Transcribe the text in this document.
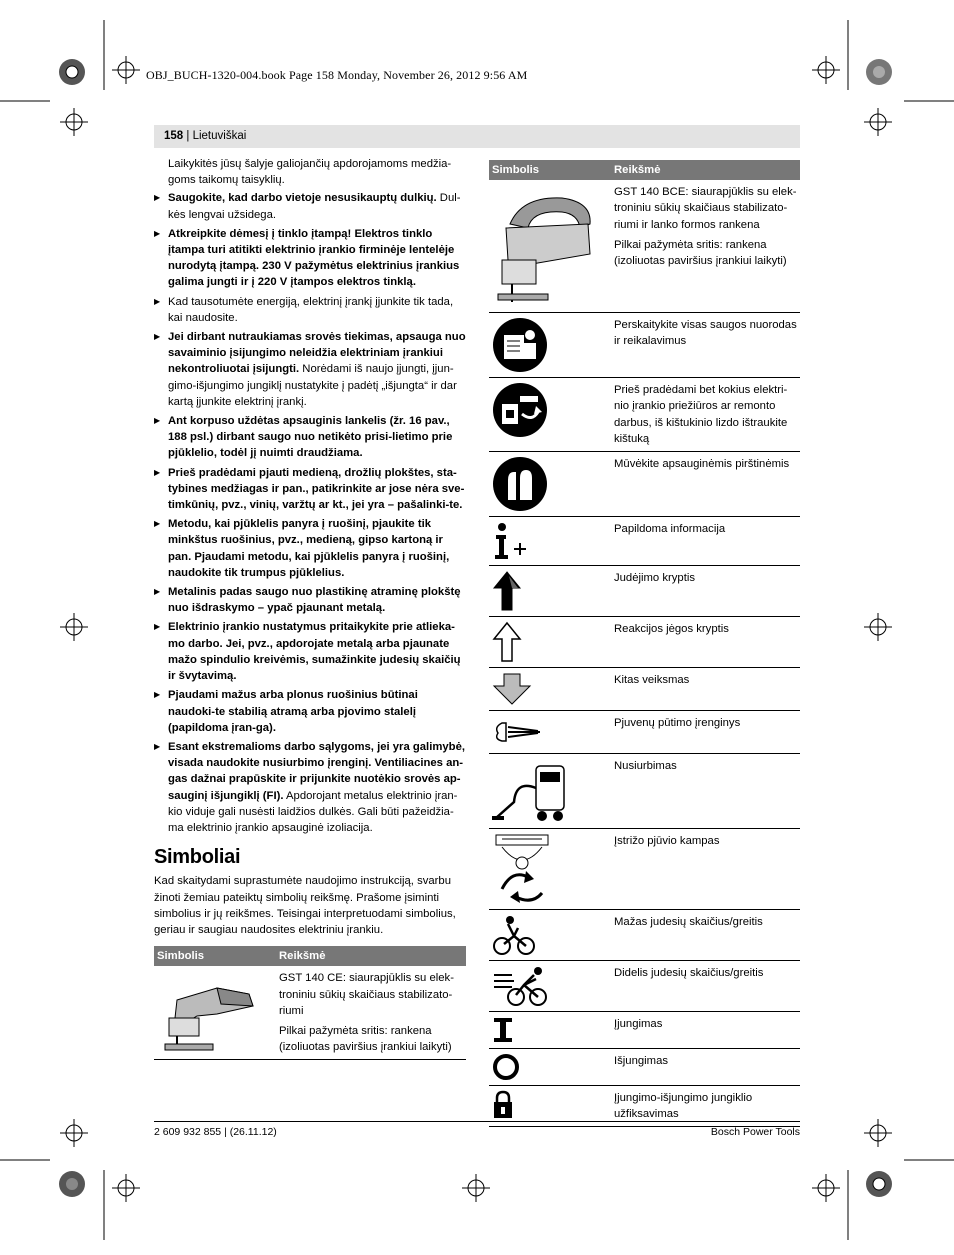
OBJ_BUCH-1320-004.book Page 158 Monday, November 26, 2012 9:56 AM
158 | Lietuviškai

Laikykitės jūsų šalyje galiojančių apdorojamoms medžia-goms taikomų taisyklių.

▶ Saugokite, kad darbo vietoje nesusikauptų dulkių. Dul-kės lengvai užsidega.

▶ Atkreipkite dėmesį į tinklo įtampą! Elektros tinklo įtampa turi atitikti elektrinio įrankio firminėje lentelėje nurodytą įtampą. 230 V pažymėtus elektrinius įrankius galima jungti ir į 220 V įtampos elektros tinklą.

▶ Kad tausotumėte energiją, elektrinį įrankį įjunkite tik tada, kai naudosite.

▶ Jei dirbant nutraukiamas srovės tiekimas, apsauga nuo savaiminio įsijungimo neleidžia elektriniam įrankiui nekontroliuotai įsijungti. Norėdami iš naujo įjungti, įjun-gimo-išjungimo jungiklį nustatykite į padėtį „išjungta“ ir dar kartą įjunkite elektrinį įrankį.

▶ Ant korpuso uždėtas apsauginis lankelis (žr. 16 pav., 188 psl.) dirbant saugo nuo netikėto prisi-lietimo prie pjūklelio, todėl jį nuimti draudžiama.

▶ Prieš pradėdami pjauti medieną, drožlių plokštes, sta-tybines medžiagas ir pan., patikrinkite ar jose nėra sve-timkūnių, pvz., vinių, varžtų ar kt., jei yra – pašalinki-te.

▶ Metodu, kai pjūklelis panyra į ruošinį, pjaukite tik minkštus ruošinius, pvz., medieną, gipso kartoną ir pan. Pjaudami metodu, kai pjūklelis panyra į ruošinį, naudokite tik trumpus pjūklelius.

▶ Metalinis padas saugo nuo plastikinę atraminę plokštę nuo išdraskymo – ypač pjaunant metalą.

▶ Elektrinio įrankio nustatymus pritaikykite prie atlieka-mo darbo. Jei, pvz., apdorojate metalą arba pjaunate mažo spindulio kreivėmis, sumažinkite judesių skaičių ir švytavimą.

▶ Pjaudami mažus arba plonus ruošinius būtinai naudoki-te stabilią atramą arba pjovimo stalelį (papildoma įran-ga).

▶ Esant ekstremalioms darbo sąlygoms, jei yra galimybė, visada naudokite nusiurbimo įrenginį. Ventiliacines an-gas dažnai prapūskite ir prijunkite nuotėkio srovės ap-sauginį išjungiklį (FI). Apdorojant metalus elektrinio įran-kio viduje gali nusėsti laidžios dulkės. Gali būti pažeidžia-ma elektrinio įrankio apsauginė izoliacija.

Simboliai

Kad skaitydami suprastumėte naudojimo instrukciją, svarbu žinoti žemiau pateiktų simbolių reikšmę. Prašome įsiminti simbolius ir jų reikšmes. Teisingai interpretuodami simbolius, geriau ir saugiau naudosites elektriniu įrankiu.

Simbolis	Reikšmė

	GST 140 CE: siaurapjūklis su elek-troniniu sūkių skaičiaus stabilizato-riumi
Pilkai pažymėta sritis: rankena (izoliuotas paviršius įrankiui laikyti)
Simbolis	Reikšmė

	GST 140 BCE: siaurapjūklis su elek-troniniu sūkių skaičiaus stabilizato-riumi ir lanko formos rankena
Pilkai pažymėta sritis: rankena (izoliuotas paviršius įrankiui laikyti)

	Perskaitykite visas saugos nuorodas ir reikalavimus

	Prieš pradėdami bet kokius elektri-nio įrankio priežiūros ar remonto darbus, iš kištukinio lizdo ištraukite kištuką

	Mūvėkite apsauginėmis pirštinėmis

	Papildoma informacija

	Judėjimo kryptis

	Reakcijos jėgos kryptis

	Kitas veiksmas

	Pjuvenų pūtimo įrenginys

	Nusiurbimas

	Įstrižo pjūvio kampas

	Mažas judesių skaičius/greitis

	Didelis judesių skaičius/greitis

	Įjungimas

	Išjungimas

	Įjungimo-išjungimo jungiklio užfiksavimas
2 609 932 855 | (26.11.12)	Bosch Power Tools
